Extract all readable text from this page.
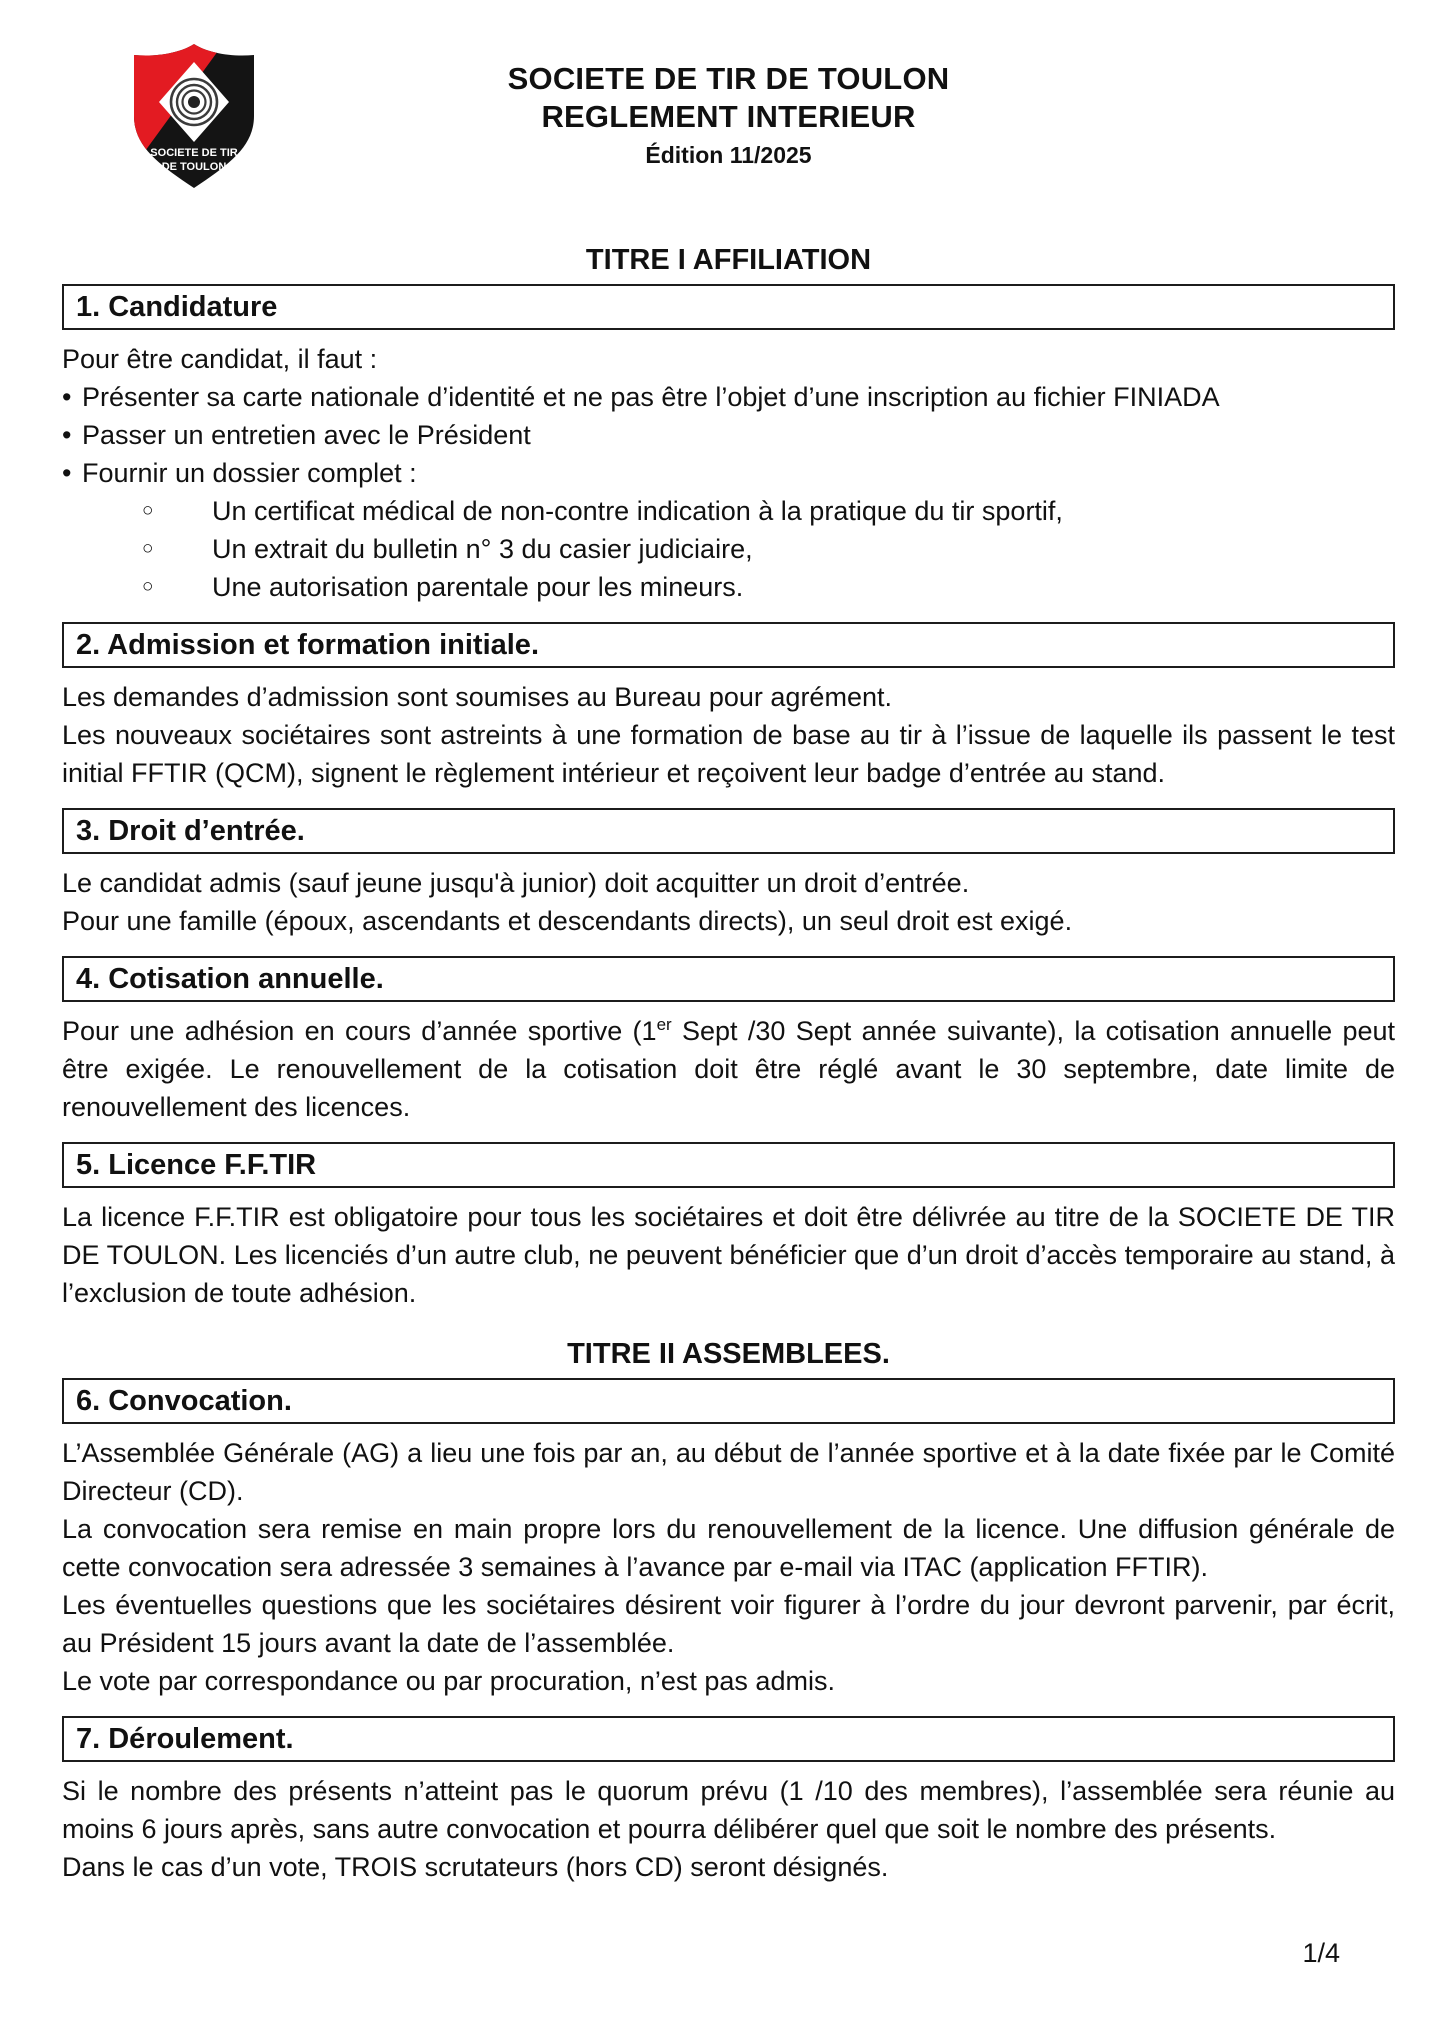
SOCIETE DE TIR
DE TOULON
SOCIETE DE TIR DE TOULON
REGLEMENT INTERIEUR
Édition 11/2025
TITRE I AFFILIATION
1. Candidature

Pour être candidat, il faut :

• Présenter sa carte nationale d’identité et ne pas être l’objet d’une inscription au fichier FINIADA
• Passer un entretien avec le Président
• Fournir un dossier complet :
○	Un certificat médical de non-contre indication à la pratique du tir sportif,
○	Un extrait du bulletin n° 3 du casier judiciaire,
○	Une autorisation parentale pour les mineurs.
2. Admission et formation initiale.

Les demandes d’admission sont soumises au Bureau pour agrément.

Les nouveaux sociétaires sont astreints à une formation de base au tir à l’issue de laquelle ils passent le test initial FFTIR (QCM), signent le règlement intérieur et reçoivent leur badge d’entrée au stand.

3. Droit d’entrée.

Le candidat admis (sauf jeune jusqu'à junior) doit acquitter un droit d’entrée.

Pour une famille (époux, ascendants et descendants directs), un seul droit est exigé.

4. Cotisation annuelle.

Pour une adhésion en cours d’année sportive (1er Sept /30 Sept année suivante), la cotisation annuelle peut être exigée. Le renouvellement de la cotisation doit être réglé avant le 30 septembre, date limite de renouvellement des licences.

5. Licence F.F.TIR

La licence F.F.TIR est obligatoire pour tous les sociétaires et doit être délivrée au titre de la SOCIETE DE TIR DE TOULON. Les licenciés d’un autre club, ne peuvent bénéficier que d’un droit d’accès temporaire au stand, à l’exclusion de toute adhésion.

TITRE II ASSEMBLEES.
6. Convocation.

L’Assemblée Générale (AG) a lieu une fois par an, au début de l’année sportive et à la date fixée par le Comité Directeur (CD).

La convocation sera remise en main propre lors du renouvellement de la licence. Une diffusion générale de cette convocation sera adressée 3 semaines à l’avance par e-mail via ITAC (application FFTIR).

Les éventuelles questions que les sociétaires désirent voir figurer à l’ordre du jour devront parvenir, par écrit, au Président 15 jours avant la date de l’assemblée.

Le vote par correspondance ou par procuration, n’est pas admis.

7. Déroulement.

Si le nombre des présents n’atteint pas le quorum prévu (1 /10 des membres), l’assemblée sera réunie au moins 6 jours après, sans autre convocation et pourra délibérer quel que soit le nombre des présents.

Dans le cas d’un vote, TROIS scrutateurs (hors CD) seront désignés.

1/4
